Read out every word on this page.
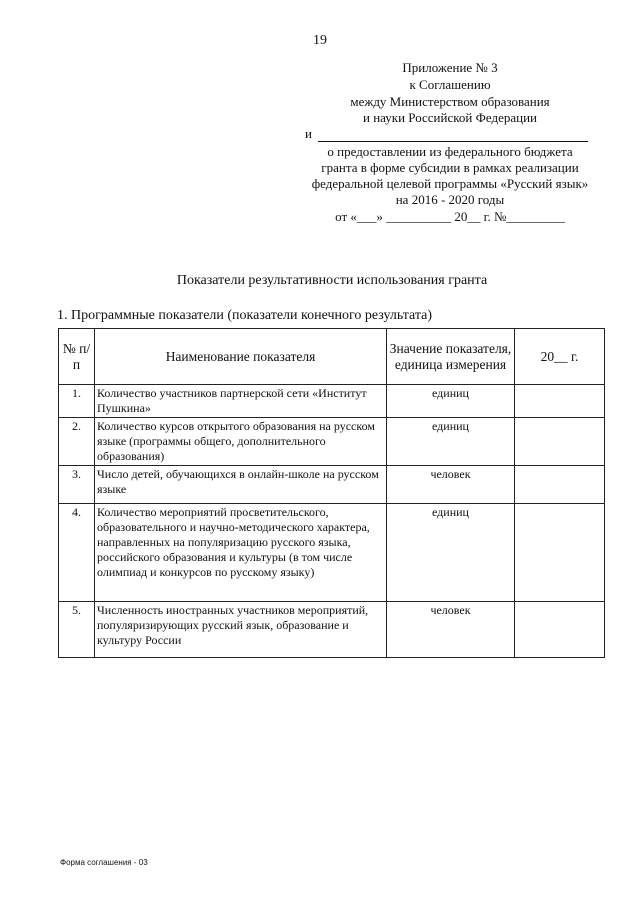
19
Приложение № 3
к Соглашению
между Министерством образования
и науки Российской Федерации
и
о предоставлении из федерального бюджета
гранта в форме субсидии в рамках реализации
федеральной целевой программы «Русский язык»
на 2016 - 2020 годы
от «___» __________ 20__ г. №_________
Показатели результативности использования гранта
1. Программные показатели (показатели конечного результата)
№ п/п	Наименование показателя	Значение показателя, единица измерения	20__ г.
1.	Количество участников партнерской сети «Институт Пушкина»	единиц	
2.	Количество курсов открытого образования на русском языке (программы общего, дополнительного образования)	единиц	
3.	Число детей, обучающихся в онлайн-школе на русском языке	человек	
4.	Количество мероприятий просветительского, образовательного и научно-методического характера, направленных на популяризацию русского языка, российского образования и культуры (в том числе олимпиад и конкурсов по русскому языку)	единиц	
5.	Численность иностранных участников мероприятий, популяризирующих русский язык, образование и культуру России	человек	
Форма соглашения - 03
